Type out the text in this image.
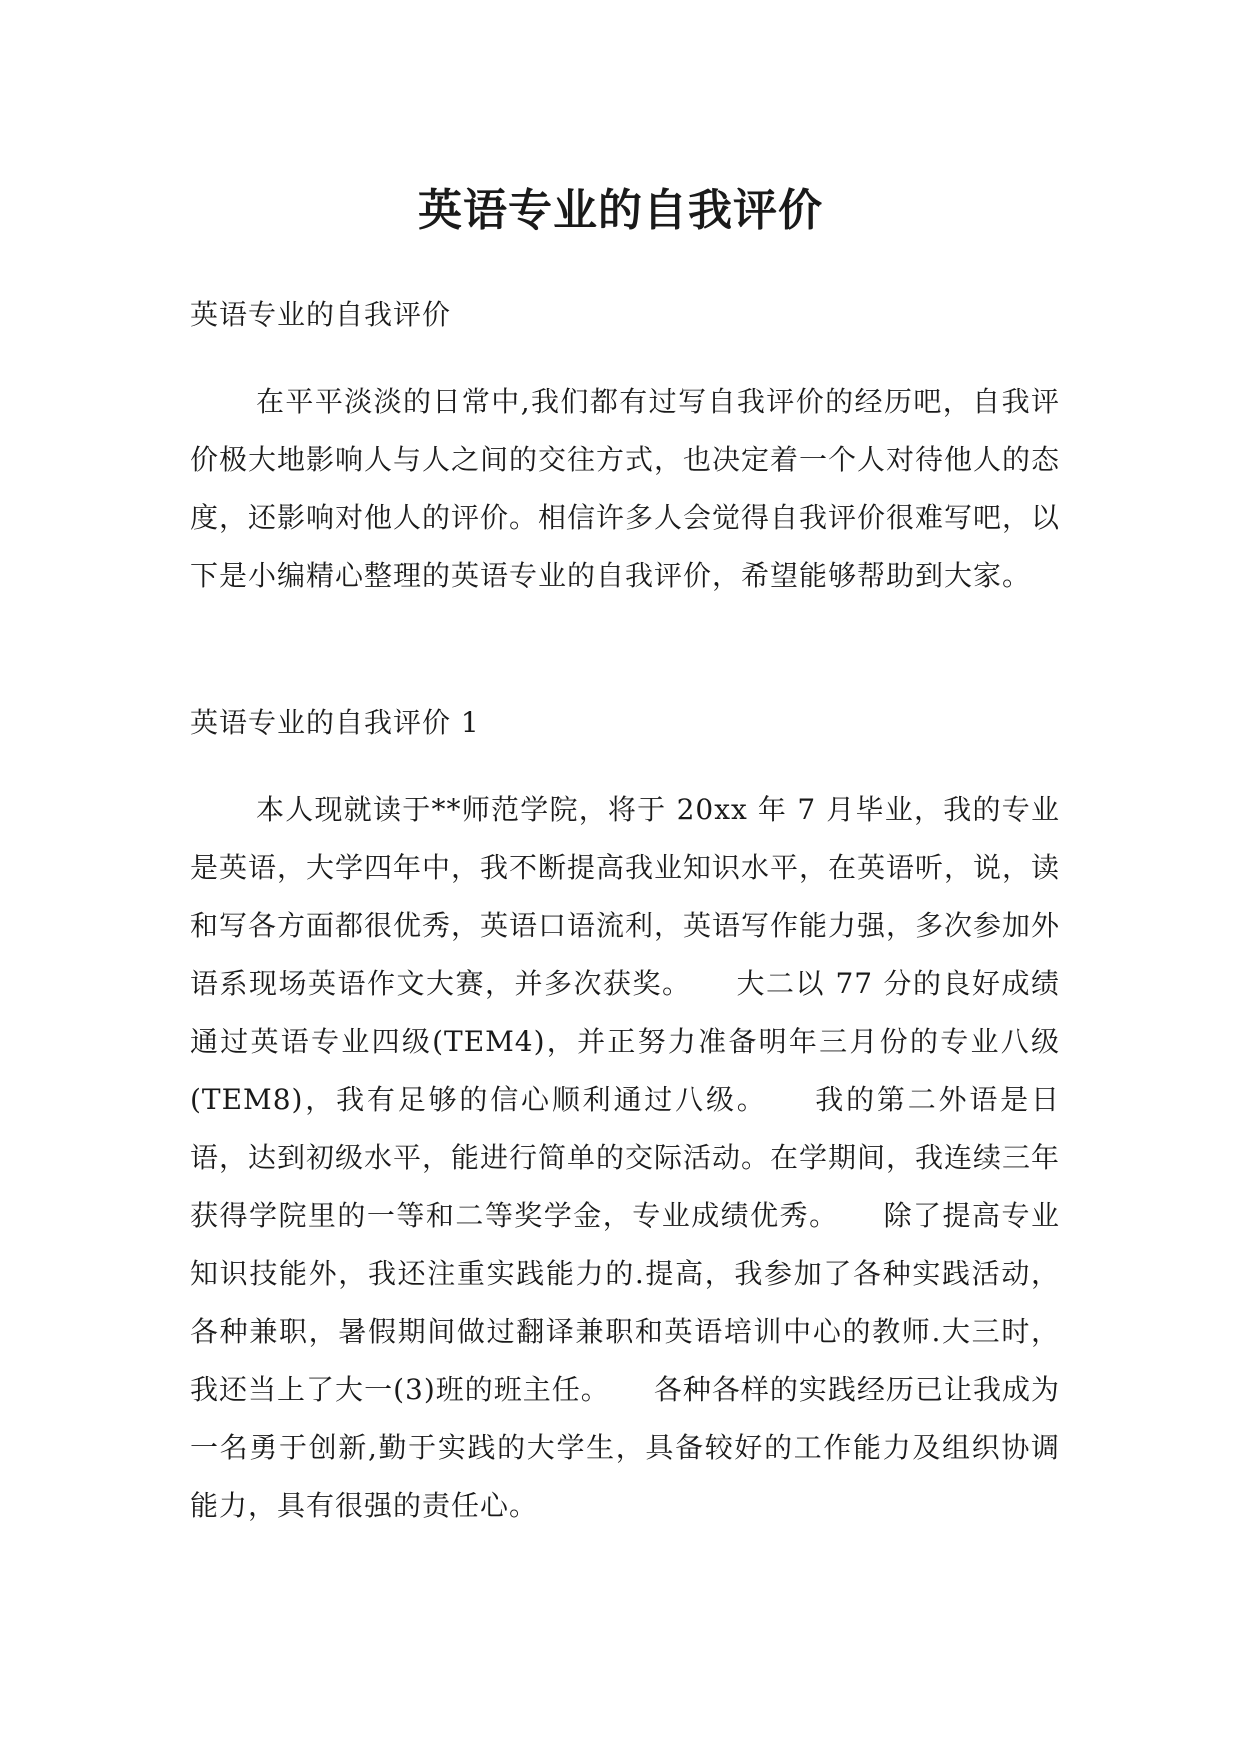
英语专业的自我评价
英语专业的自我评价

在平平淡淡的日常中,我们都有过写自我评价的经历吧，自我评价极大地影响人与人之间的交往方式，也决定着一个人对待他人的态度，还影响对他人的评价。相信许多人会觉得自我评价很难写吧，以下是小编精心整理的英语专业的自我评价，希望能够帮助到大家。

英语专业的自我评价 1

本人现就读于**师范学院，将于 20xx 年 7 月毕业，我的专业是英语，大学四年中，我不断提高我业知识水平，在英语听，说，读和写各方面都很优秀，英语口语流利，英语写作能力强，多次参加外语系现场英语作文大赛，并多次获奖。　　大二以 77 分的良好成绩通过英语专业四级(TEM4)，并正努力准备明年三月份的专业八级(TEM8)，我有足够的信心顺利通过八级。　　我的第二外语是日语，达到初级水平，能进行简单的交际活动。在学期间，我连续三年获得学院里的一等和二等奖学金，专业成绩优秀。　　除了提高专业知识技能外，我还注重实践能力的.提高，我参加了各种实践活动，各种兼职，暑假期间做过翻译兼职和英语培训中心的教师.大三时，我还当上了大一(3)班的班主任。　　各种各样的实践经历已让我成为一名勇于创新,勤于实践的大学生，具备较好的工作能力及组织协调能力，具有很强的责任心。
